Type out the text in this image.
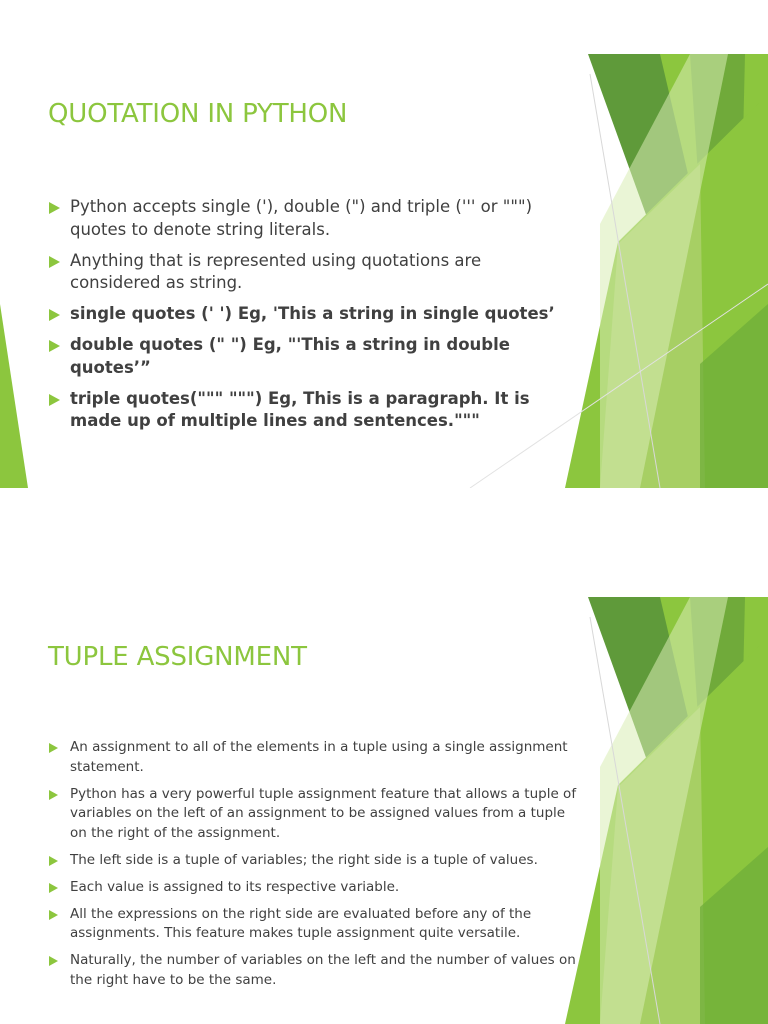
QUOTATION IN PYTHON
Python accepts single ('), double (") and triple (''' or """) quotes to denote string literals.
Anything that is represented using quotations are considered as string.
single quotes (' ') Eg, 'This a string in single quotes’
double quotes (" ") Eg, "'This a string in double quotes’”
triple quotes(""" """) Eg, This is a paragraph. It is made up of multiple lines and sentences."""
TUPLE ASSIGNMENT
An assignment to all of the elements in a tuple using a single assignment statement.
Python has a very powerful tuple assignment feature that allows a tuple of variables on the left of an assignment to be assigned values from a tuple on the right of the assignment.
The left side is a tuple of variables; the right side is a tuple of values.
Each value is assigned to its respective variable.
All the expressions on the right side are evaluated before any of the assignments. This feature makes tuple assignment quite versatile.
Naturally, the number of variables on the left and the number of values on the right have to be the same.
